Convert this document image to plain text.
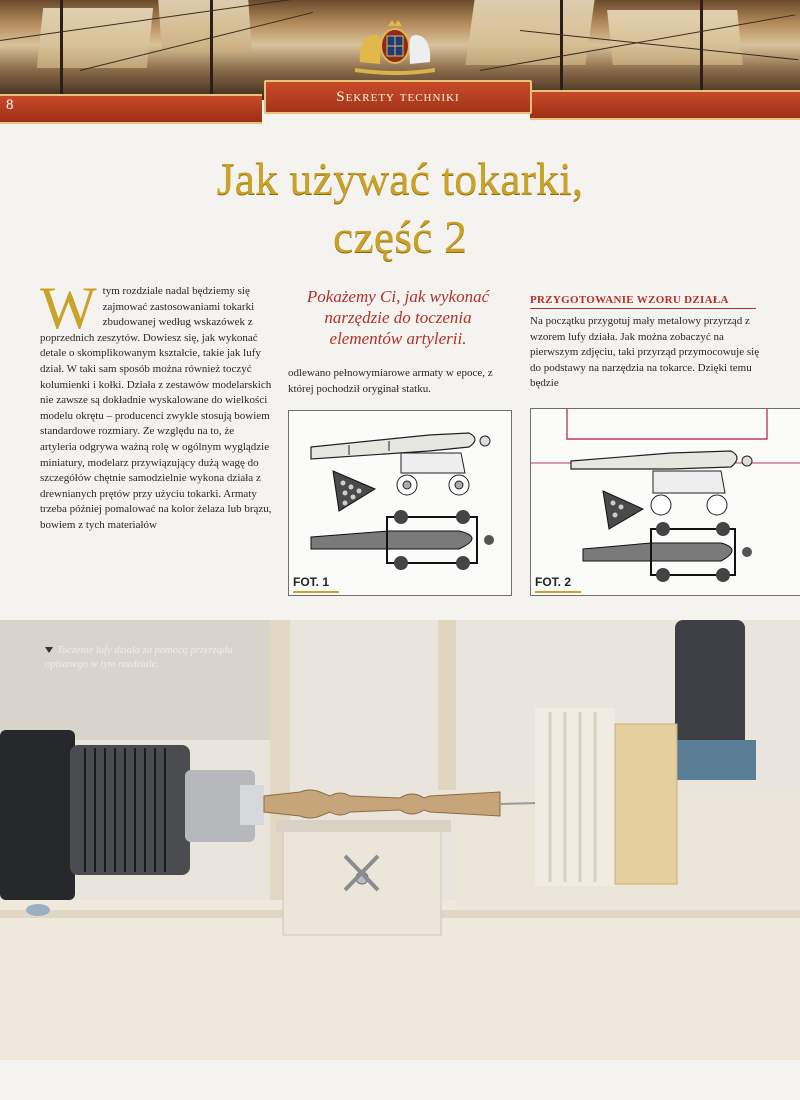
8
Sekrety techniki
Jak używać tokarki,
część 2
W tym rozdziale nadal będziemy się zajmować zastosowaniami tokarki zbudowanej według wskazówek z poprzednich zeszytów. Dowiesz się, jak wykonać detale o skomplikowanym kształcie, takie jak lufy dział. W taki sam sposób można również toczyć kolumienki i kołki. Działa z zestawów modelarskich nie zawsze są dokładnie wyskalowane do wielkości modelu okrętu – producenci zwykle stosują bowiem standardowe rozmiary. Ze względu na to, że artyleria odgrywa ważną rolę w ogólnym wyglądzie miniatury, modelarz przywiązujący dużą wagę do szczegółów chętnie samodzielnie wykona działa z drewnianych prętów przy użyciu tokarki. Armaty trzeba później pomalować na kolor żelaza lub brązu, bowiem z tych materiałów

Pokażemy Ci, jak wykonać narzędzie do toczenia elementów artylerii.

odlewano pełnowymiarowe armaty w epoce, z której pochodził oryginał statku.

PRZYGOTOWANIE WZORU DZIAŁA

Na początku przygotuj mały metalowy przyrząd z wzorem lufy działa. Jak można zobaczyć na pierwszym zdjęciu, taki przyrząd przymocowuje się do podstawy na narzędzia na tokarce. Dzięki temu będzie

FOT. 1	FOT. 2
Toczenie lufy działa za pomocą przyrządu opisanego w tym rozdziale.
